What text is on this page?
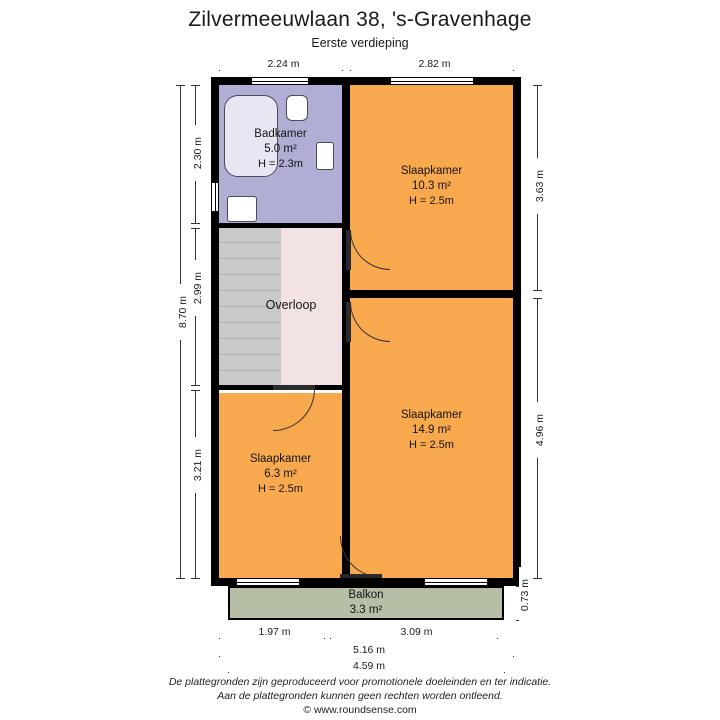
Zilvermeeuwlaan 38, 's-Gravenhage
Eerste verdieping
Badkamer
5.0 m²
H = 2.3m
Slaapkamer
10.3 m²
H = 2.5m
Overloop
Slaapkamer
14.9 m²
H = 2.5m
Slaapkamer
6.3 m²
H = 2.5m
Balkon
3.3 m²
2.24 m	2.82 m
2.30 m
2.99 m
3.21 m
8.70 m
3.63 m
4.96 m
0.73 m
1.97 m	3.09 m
5.16 m
4.59 m
De plattegronden zijn geproduceerd voor promotionele doeleinden en ter indicatie.
Aan de plattegronden kunnen geen rechten worden ontleend.
© www.roundsense.com
